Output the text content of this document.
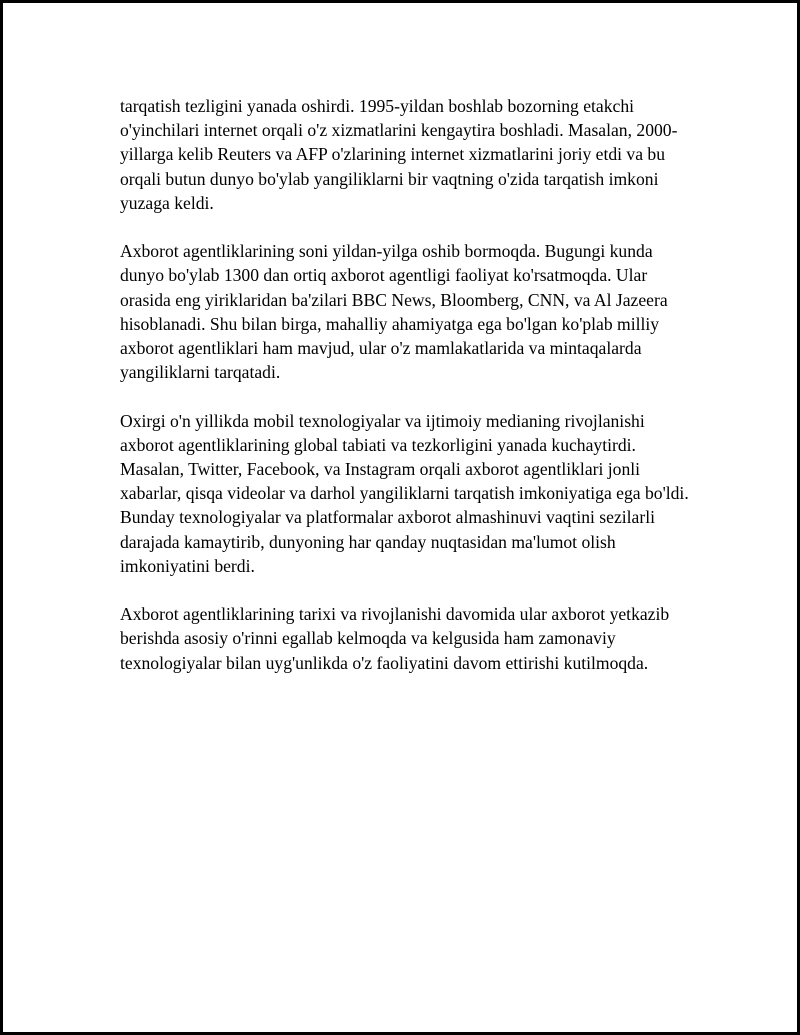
tarqatish tezligini yanada oshirdi. 1995-yildan boshlab bozorning etakchi o'yinchilari internet orqali o'z xizmatlarini kengaytira boshladi. Masalan, 2000-yillarga kelib Reuters va AFP o'zlarining internet xizmatlarini joriy etdi va bu orqali butun dunyo bo'ylab yangiliklarni bir vaqtning o'zida tarqatish imkoni yuzaga keldi.

Axborot agentliklarining soni yildan-yilga oshib bormoqda. Bugungi kunda dunyo bo'ylab 1300 dan ortiq axborot agentligi faoliyat ko'rsatmoqda. Ular orasida eng yiriklaridan ba'zilari BBC News, Bloomberg, CNN, va Al Jazeera hisoblanadi. Shu bilan birga, mahalliy ahamiyatga ega bo'lgan ko'plab milliy axborot agentliklari ham mavjud, ular o'z mamlakatlarida va mintaqalarda yangiliklarni tarqatadi.

Oxirgi o'n yillikda mobil texnologiyalar va ijtimoiy medianing rivojlanishi axborot agentliklarining global tabiati va tezkorligini yanada kuchaytirdi. Masalan, Twitter, Facebook, va Instagram orqali axborot agentliklari jonli xabarlar, qisqa videolar va darhol yangiliklarni tarqatish imkoniyatiga ega bo'ldi. Bunday texnologiyalar va platformalar axborot almashinuvi vaqtini sezilarli darajada kamaytirib, dunyoning har qanday nuqtasidan ma'lumot olish imkoniyatini berdi.

Axborot agentliklarining tarixi va rivojlanishi davomida ular axborot yetkazib berishda asosiy o'rinni egallab kelmoqda va kelgusida ham zamonaviy texnologiyalar bilan uyg'unlikda o'z faoliyatini davom ettirishi kutilmoqda.
